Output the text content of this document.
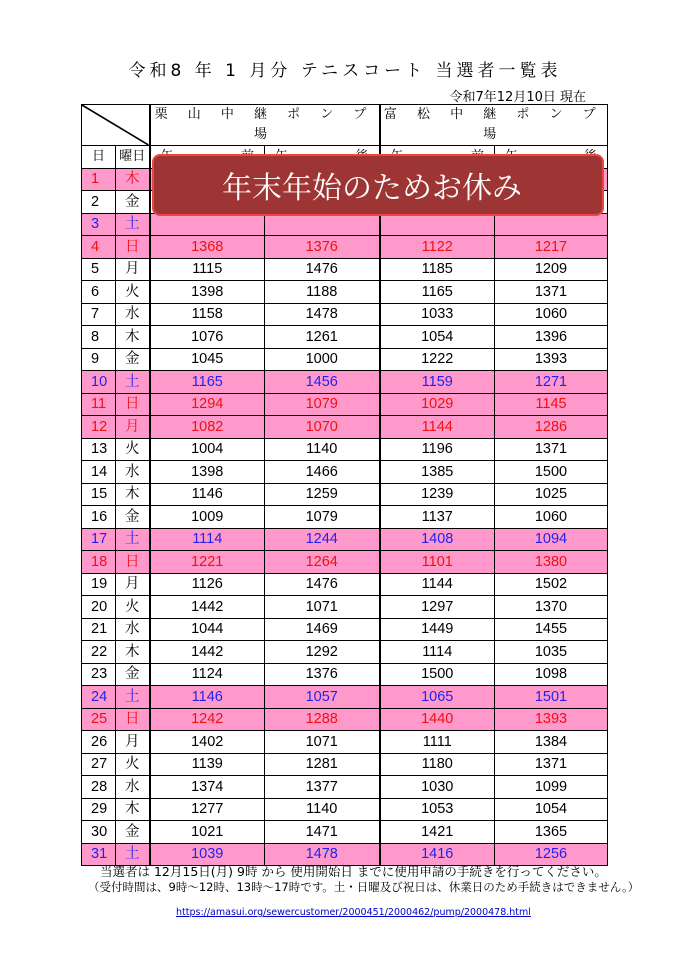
令和8 年 1 月分 テニスコート 当選者一覧表
令和7年12月10日 現在
	栗 山 中 継 ポ ン プ 場		富 松 中 継 ポ ン プ 場	
日	曜日	

1	木				
2	金				
3	土				
4	日	1368	1376	1122	1217
5	月	1115	1476	1185	1209
6	火	1398	1188	1165	1371
7	水	1158	1478	1033	1060
8	木	1076	1261	1054	1396
9	金	1045	1000	1222	1393
10	土	1165	1456	1159	1271
11	日	1294	1079	1029	1145
12	月	1082	1070	1144	1286
13	火	1004	1140	1196	1371
14	水	1398	1466	1385	1500
15	木	1146	1259	1239	1025
16	金	1009	1079	1137	1060
17	土	1114	1244	1408	1094
18	日	1221	1264	1101	1380
19	月	1126	1476	1144	1502
20	火	1442	1071	1297	1370
21	水	1044	1469	1449	1455
22	木	1442	1292	1114	1035
23	金	1124	1376	1500	1098
24	土	1146	1057	1065	1501
25	日	1242	1288	1440	1393
26	月	1402	1071	1111	1384
27	火	1139	1281	1180	1371
28	水	1374	1377	1030	1099
29	木	1277	1140	1053	1054
30	金	1021	1471	1421	1365
31	土	1039	1478	1416	1256
年末年始のためお休み
当選者は 12月15日(月) 9時 から 使用開始日 までに使用申請の手続きを行ってください。
（受付時間は、9時～12時、13時～17時です。土・日曜及び祝日は、休業日のため手続きはできません。）
https://amasui.org/sewercustomer/2000451/2000462/pump/2000478.html
